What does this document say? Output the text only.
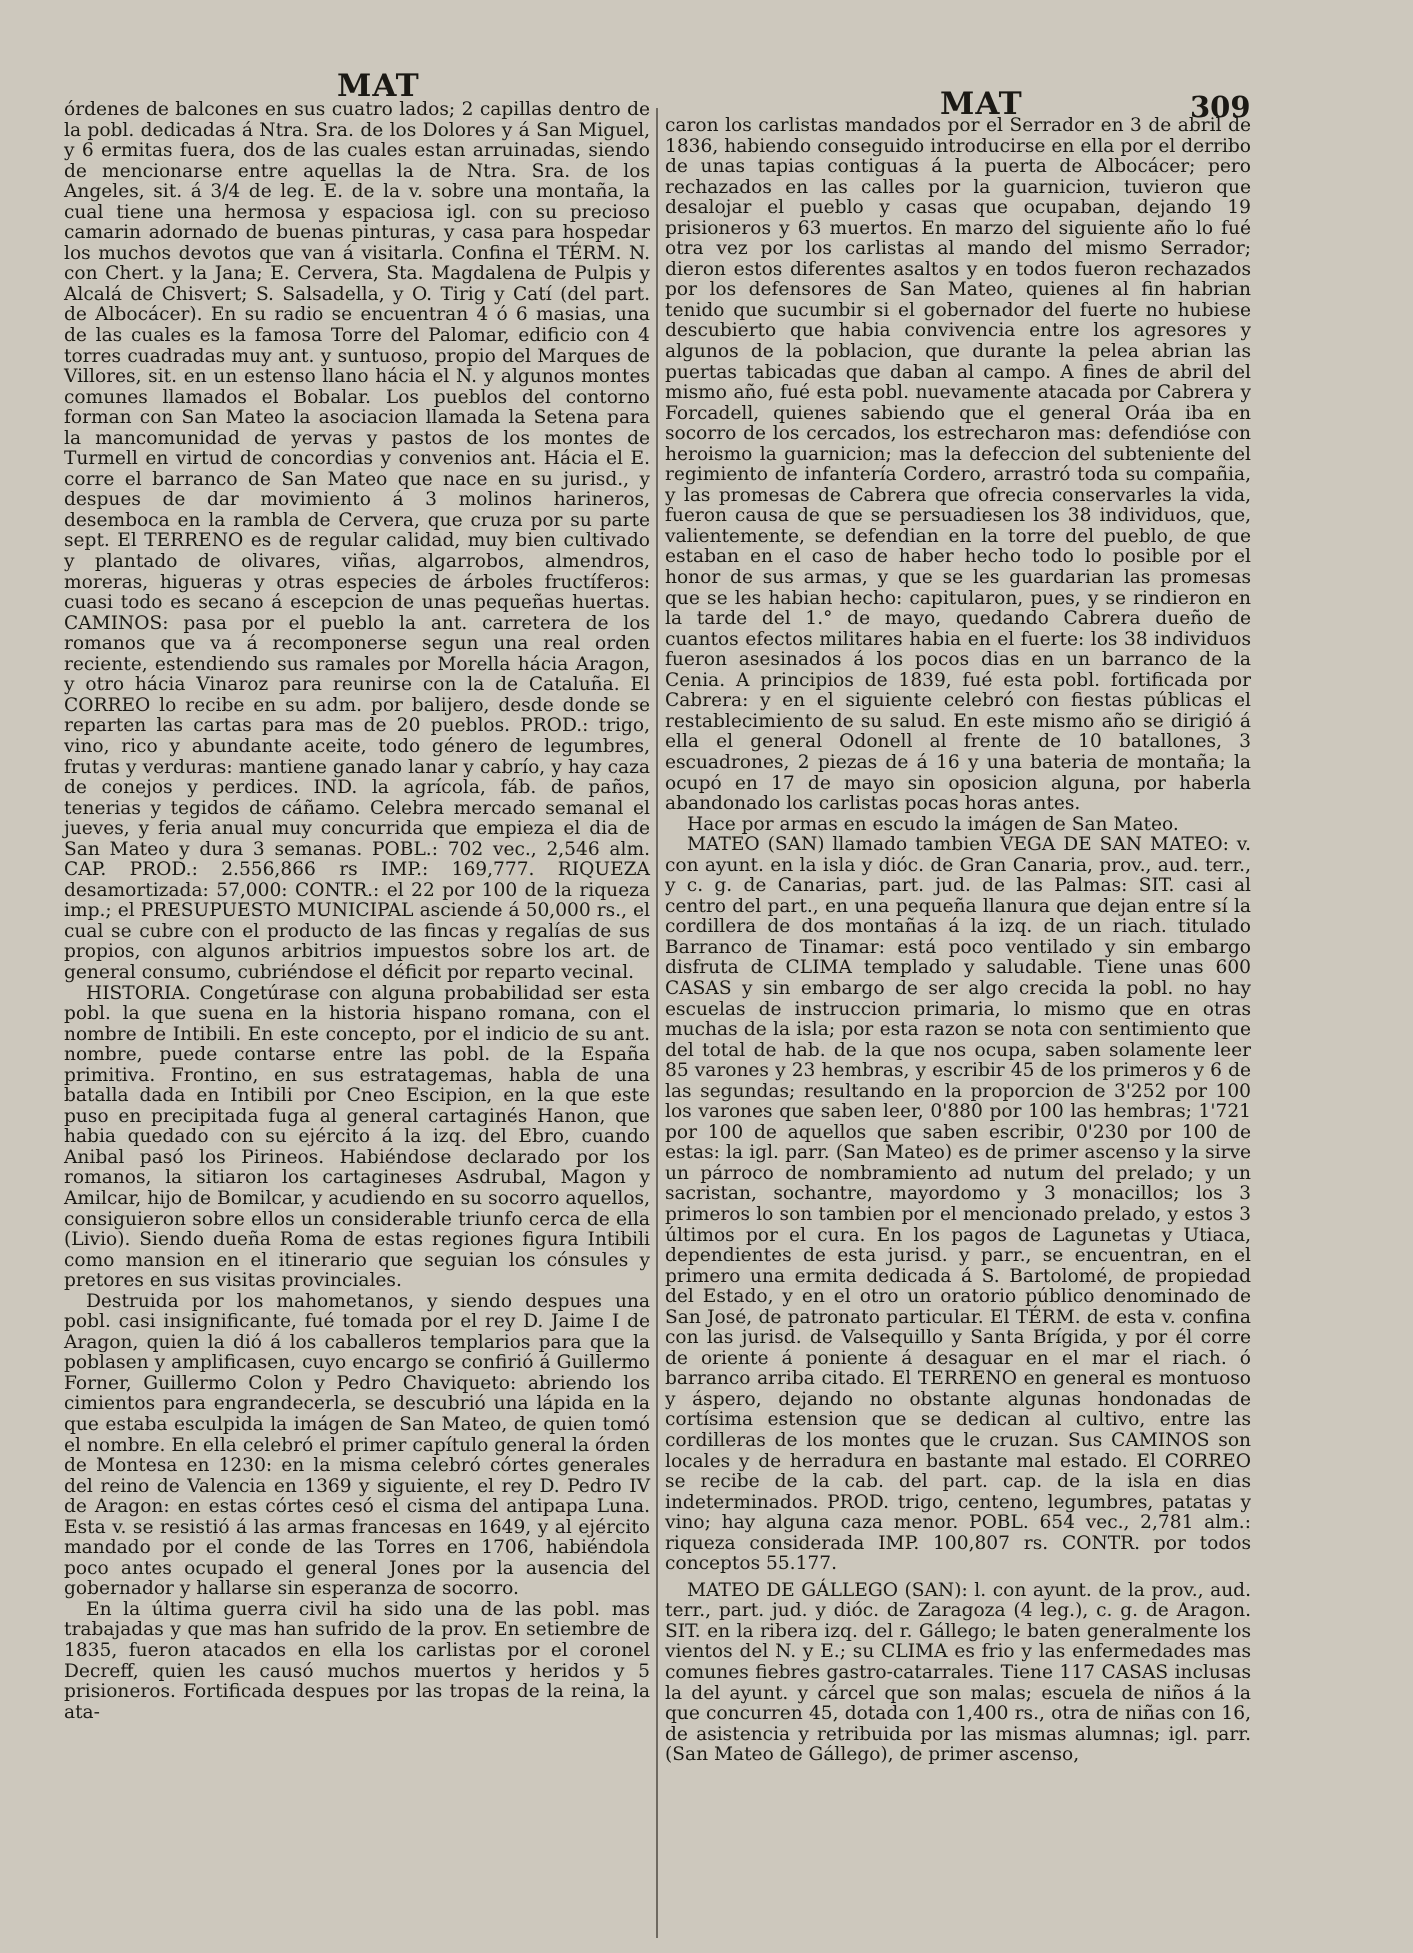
MAT	MAT	309

órdenes de balcones en sus cuatro lados; 2 capillas dentro de la pobl. dedicadas á Ntra. Sra. de los Dolores y á San Miguel, y 6 ermitas fuera, dos de las cuales estan arruinadas, siendo de mencionarse entre aquellas la de Ntra. Sra. de los Angeles, sit. á 3/4 de leg. E. de la v. sobre una montaña, la cual tiene una hermosa y espaciosa igl. con su precioso camarin adornado de buenas pinturas, y casa para hospedar los muchos devotos que van á visitarla. Confina el TÉRM. N. con Chert. y la Jana; E. Cervera, Sta. Magdalena de Pulpis y Alcalá de Chisvert; S. Salsadella, y O. Tirig y Catí (del part. de Albocácer). En su radio se encuentran 4 ó 6 masias, una de las cuales es la famosa Torre del Palomar, edificio con 4 torres cuadradas muy ant. y suntuoso, propio del Marques de Villores, sit. en un estenso llano hácia el N. y algunos montes comunes llamados el Bobalar. Los pueblos del contorno forman con San Mateo la asociacion llamada la Setena para la mancomunidad de yervas y pastos de los montes de Turmell en virtud de concordias y convenios ant. Hácia el E. corre el barranco de San Mateo que nace en su jurisd., y despues de dar movimiento á 3 molinos harineros, desemboca en la rambla de Cervera, que cruza por su parte sept. El TERRENO es de regular calidad, muy bien cultivado y plantado de olivares, viñas, algarrobos, almendros, moreras, higueras y otras especies de árboles fructíferos: cuasi todo es secano á escepcion de unas pequeñas huertas. CAMINOS: pasa por el pueblo la ant. carretera de los romanos que va á recomponerse segun una real orden reciente, estendiendo sus ramales por Morella hácia Aragon, y otro hácia Vinaroz para reunirse con la de Cataluña. El CORREO lo recibe en su adm. por balijero, desde donde se reparten las cartas para mas de 20 pueblos. PROD.: trigo, vino, rico y abundante aceite, todo género de legumbres, frutas y verduras: mantiene ganado lanar y cabrío, y hay caza de conejos y perdices. IND. la agrícola, fáb. de paños, tenerias y tegidos de cáñamo. Celebra mercado semanal el jueves, y feria anual muy concurrida que empieza el dia de San Mateo y dura 3 semanas. POBL.: 702 vec., 2,546 alm. CAP. PROD.: 2.556,866 rs IMP.: 169,777. RIQUEZA desamortizada: 57,000: CONTR.: el 22 por 100 de la riqueza imp.; el PRESUPUESTO MUNICIPAL asciende á 50,000 rs., el cual se cubre con el producto de las fincas y regalías de sus propios, con algunos arbitrios impuestos sobre los art. de general consumo, cubriéndose el déficit por reparto vecinal.

HISTORIA. Congetúrase con alguna probabilidad ser esta pobl. la que suena en la historia hispano romana, con el nombre de Intibili. En este concepto, por el indicio de su ant. nombre, puede contarse entre las pobl. de la España primitiva. Frontino, en sus estratagemas, habla de una batalla dada en Intibili por Cneo Escipion, en la que este puso en precipitada fuga al general cartaginés Hanon, que habia quedado con su ejército á la izq. del Ebro, cuando Anibal pasó los Pirineos. Habiéndose declarado por los romanos, la sitiaron los cartagineses Asdrubal, Magon y Amilcar, hijo de Bomilcar, y acudiendo en su socorro aquellos, consiguieron sobre ellos un considerable triunfo cerca de ella (Livio). Siendo dueña Roma de estas regiones figura Intibili como mansion en el itinerario que seguian los cónsules y pretores en sus visitas provinciales.

Destruida por los mahometanos, y siendo despues una pobl. casi insignificante, fué tomada por el rey D. Jaime I de Aragon, quien la dió á los caballeros templarios para que la poblasen y amplificasen, cuyo encargo se confirió á Guillermo Forner, Guillermo Colon y Pedro Chaviqueto: abriendo los cimientos para engrandecerla, se descubrió una lápida en la que estaba esculpida la imágen de San Mateo, de quien tomó el nombre. En ella celebró el primer capítulo general la órden de Montesa en 1230: en la misma celebró córtes generales del reino de Valencia en 1369 y siguiente, el rey D. Pedro IV de Aragon: en estas córtes cesó el cisma del antipapa Luna. Esta v. se resistió á las armas francesas en 1649, y al ejército mandado por el conde de las Torres en 1706, habiéndola poco antes ocupado el general Jones por la ausencia del gobernador y hallarse sin esperanza de socorro.

En la última guerra civil ha sido una de las pobl. mas trabajadas y que mas han sufrido de la prov. En setiembre de 1835, fueron atacados en ella los carlistas por el coronel Decreff, quien les causó muchos muertos y heridos y 5 prisioneros. Fortificada despues por las tropas de la reina, la ata-

caron los carlistas mandados por el Serrador en 3 de abril de 1836, habiendo conseguido introducirse en ella por el derribo de unas tapias contiguas á la puerta de Albocácer; pero rechazados en las calles por la guarnicion, tuvieron que desalojar el pueblo y casas que ocupaban, dejando 19 prisioneros y 63 muertos. En marzo del siguiente año lo fué otra vez por los carlistas al mando del mismo Serrador; dieron estos diferentes asaltos y en todos fueron rechazados por los defensores de San Mateo, quienes al fin habrian tenido que sucumbir si el gobernador del fuerte no hubiese descubierto que habia convivencia entre los agresores y algunos de la poblacion, que durante la pelea abrian las puertas tabicadas que daban al campo. A fines de abril del mismo año, fué esta pobl. nuevamente atacada por Cabrera y Forcadell, quienes sabiendo que el general Oráa iba en socorro de los cercados, los estrecharon mas: defendióse con heroismo la guarnicion; mas la defeccion del subteniente del regimiento de infantería Cordero, arrastró toda su compañia, y las promesas de Cabrera que ofrecia conservarles la vida, fueron causa de que se persuadiesen los 38 individuos, que, valientemente, se defendian en la torre del pueblo, de que estaban en el caso de haber hecho todo lo posible por el honor de sus armas, y que se les guardarian las promesas que se les habian hecho: capitularon, pues, y se rindieron en la tarde del 1.° de mayo, quedando Cabrera dueño de cuantos efectos militares habia en el fuerte: los 38 individuos fueron asesinados á los pocos dias en un barranco de la Cenia. A principios de 1839, fué esta pobl. fortificada por Cabrera: y en el siguiente celebró con fiestas públicas el restablecimiento de su salud. En este mismo año se dirigió á ella el general Odonell al frente de 10 batallones, 3 escuadrones, 2 piezas de á 16 y una bateria de montaña; la ocupó en 17 de mayo sin oposicion alguna, por haberla abandonado los carlistas pocas horas antes.

Hace por armas en escudo la imágen de San Mateo.

MATEO (SAN) llamado tambien VEGA DE SAN MATEO: v. con ayunt. en la isla y dióc. de Gran Canaria, prov., aud. terr., y c. g. de Canarias, part. jud. de las Palmas: SIT. casi al centro del part., en una pequeña llanura que dejan entre sí la cordillera de dos montañas á la izq. de un riach. titulado Barranco de Tinamar: está poco ventilado y sin embargo disfruta de CLIMA templado y saludable. Tiene unas 600 CASAS y sin embargo de ser algo crecida la pobl. no hay escuelas de instruccion primaria, lo mismo que en otras muchas de la isla; por esta razon se nota con sentimiento que del total de hab. de la que nos ocupa, saben solamente leer 85 varones y 23 hembras, y escribir 45 de los primeros y 6 de las segundas; resultando en la proporcion de 3'252 por 100 los varones que saben leer, 0'880 por 100 las hembras; 1'721 por 100 de aquellos que saben escribir, 0'230 por 100 de estas: la igl. parr. (San Mateo) es de primer ascenso y la sirve un párroco de nombramiento ad nutum del prelado; y un sacristan, sochantre, mayordomo y 3 monacillos; los 3 primeros lo son tambien por el mencionado prelado, y estos 3 últimos por el cura. En los pagos de Lagunetas y Utiaca, dependientes de esta jurisd. y parr., se encuentran, en el primero una ermita dedicada á S. Bartolomé, de propiedad del Estado, y en el otro un oratorio público denominado de San José, de patronato particular. El TÉRM. de esta v. confina con las jurisd. de Valsequillo y Santa Brígida, y por él corre de oriente á poniente á desaguar en el mar el riach. ó barranco arriba citado. El TERRENO en general es montuoso y áspero, dejando no obstante algunas hondonadas de cortísima estension que se dedican al cultivo, entre las cordilleras de los montes que le cruzan. Sus CAMINOS son locales y de herradura en bastante mal estado. El CORREO se recibe de la cab. del part. cap. de la isla en dias indeterminados. PROD. trigo, centeno, legumbres, patatas y vino; hay alguna caza menor. POBL. 654 vec., 2,781 alm.: riqueza considerada IMP. 100,807 rs. CONTR. por todos conceptos 55.177.

MATEO DE GÁLLEGO (SAN): l. con ayunt. de la prov., aud. terr., part. jud. y dióc. de Zaragoza (4 leg.), c. g. de Aragon. SIT. en la ribera izq. del r. Gállego; le baten generalmente los vientos del N. y E.; su CLIMA es frio y las enfermedades mas comunes fiebres gastro-catarrales. Tiene 117 CASAS inclusas la del ayunt. y cárcel que son malas; escuela de niños á la que concurren 45, dotada con 1,400 rs., otra de niñas con 16, de asistencia y retribuida por las mismas alumnas; igl. parr. (San Mateo de Gállego), de primer ascenso,
